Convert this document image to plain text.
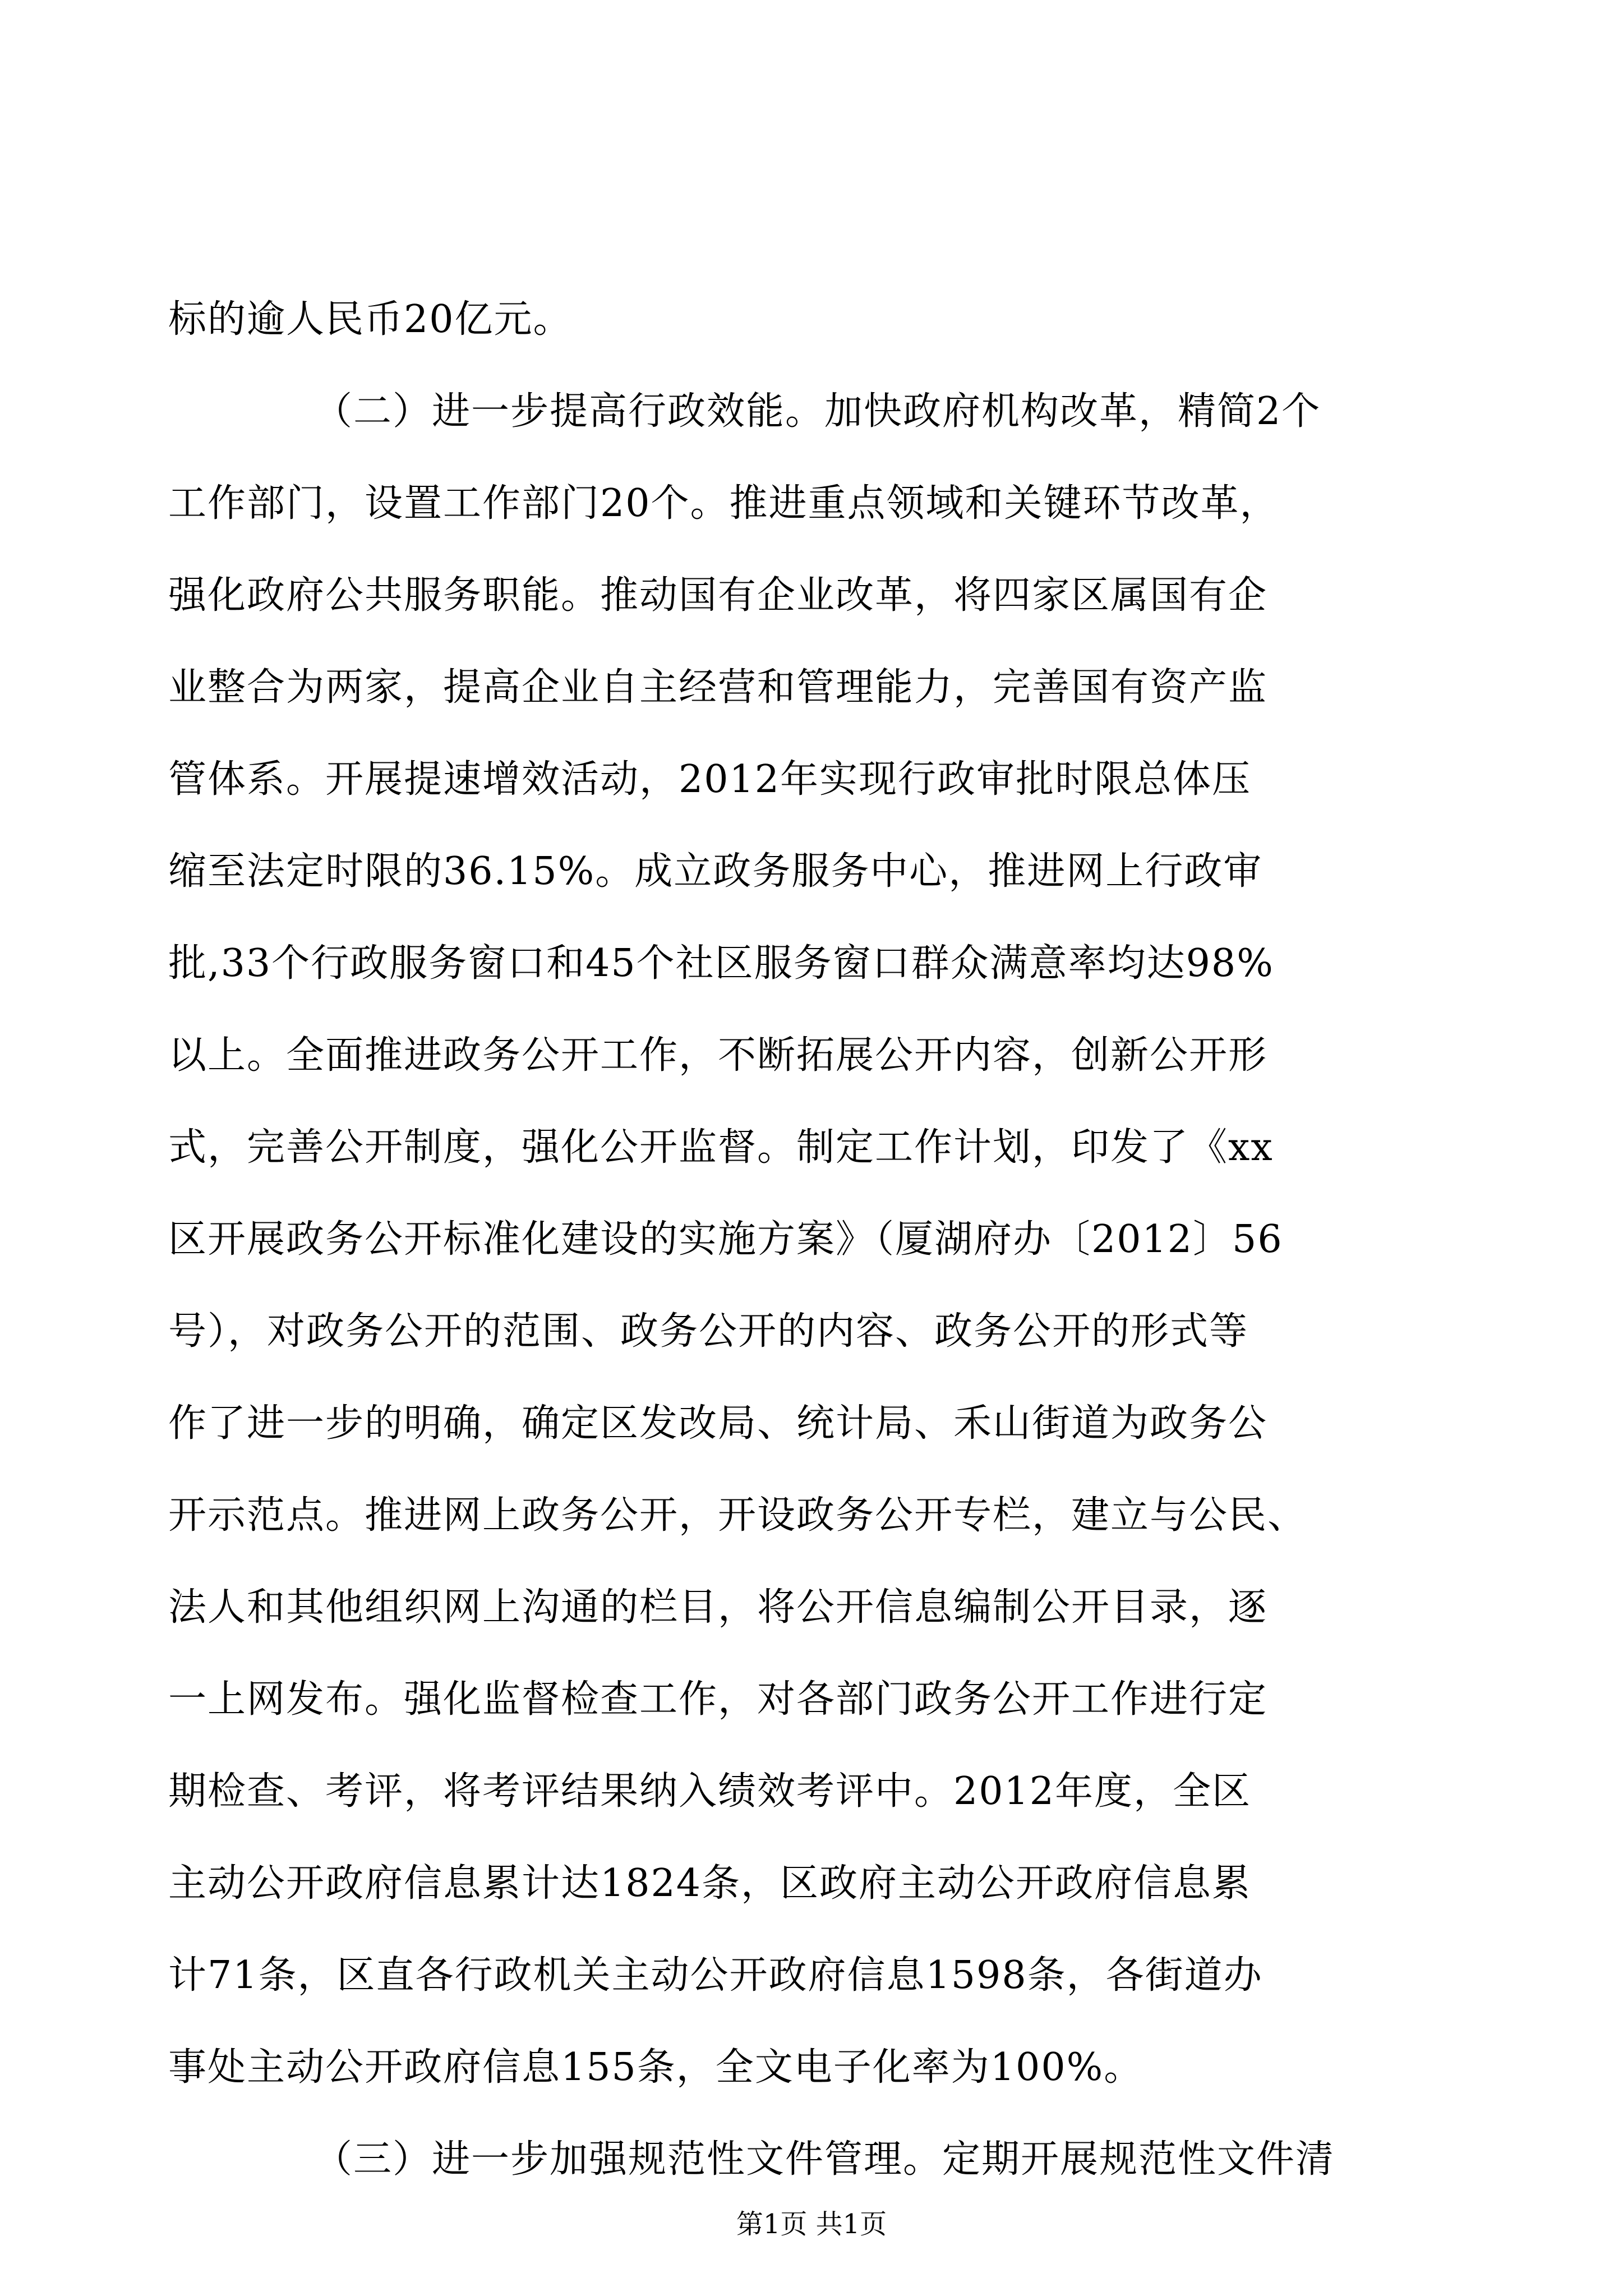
标的逾人民币20亿元。
（二）进一步提高行政效能。加快政府机构改革，精简2个
工作部门，设置工作部门20个。推进重点领域和关键环节改革，
强化政府公共服务职能。推动国有企业改革，将四家区属国有企
业整合为两家，提高企业自主经营和管理能力，完善国有资产监
管体系。开展提速增效活动，2012年实现行政审批时限总体压
缩至法定时限的36.15%。成立政务服务中心，推进网上行政审
批,33个行政服务窗口和45个社区服务窗口群众满意率均达98%
以上。全面推进政务公开工作，不断拓展公开内容，创新公开形
式，完善公开制度，强化公开监督。制定工作计划，印发了《xx
区开展政务公开标准化建设的实施方案》（厦湖府办〔2012〕56
号），对政务公开的范围、政务公开的内容、政务公开的形式等
作了进一步的明确，确定区发改局、统计局、禾山街道为政务公
开示范点。推进网上政务公开，开设政务公开专栏，建立与公民、
法人和其他组织网上沟通的栏目，将公开信息编制公开目录，逐
一上网发布。强化监督检查工作，对各部门政务公开工作进行定
期检查、考评，将考评结果纳入绩效考评中。2012年度，全区
主动公开政府信息累计达1824条，区政府主动公开政府信息累
计71条，区直各行政机关主动公开政府信息1598条，各街道办
事处主动公开政府信息155条，全文电子化率为100%。
（三）进一步加强规范性文件管理。定期开展规范性文件清
第1页 共1页
